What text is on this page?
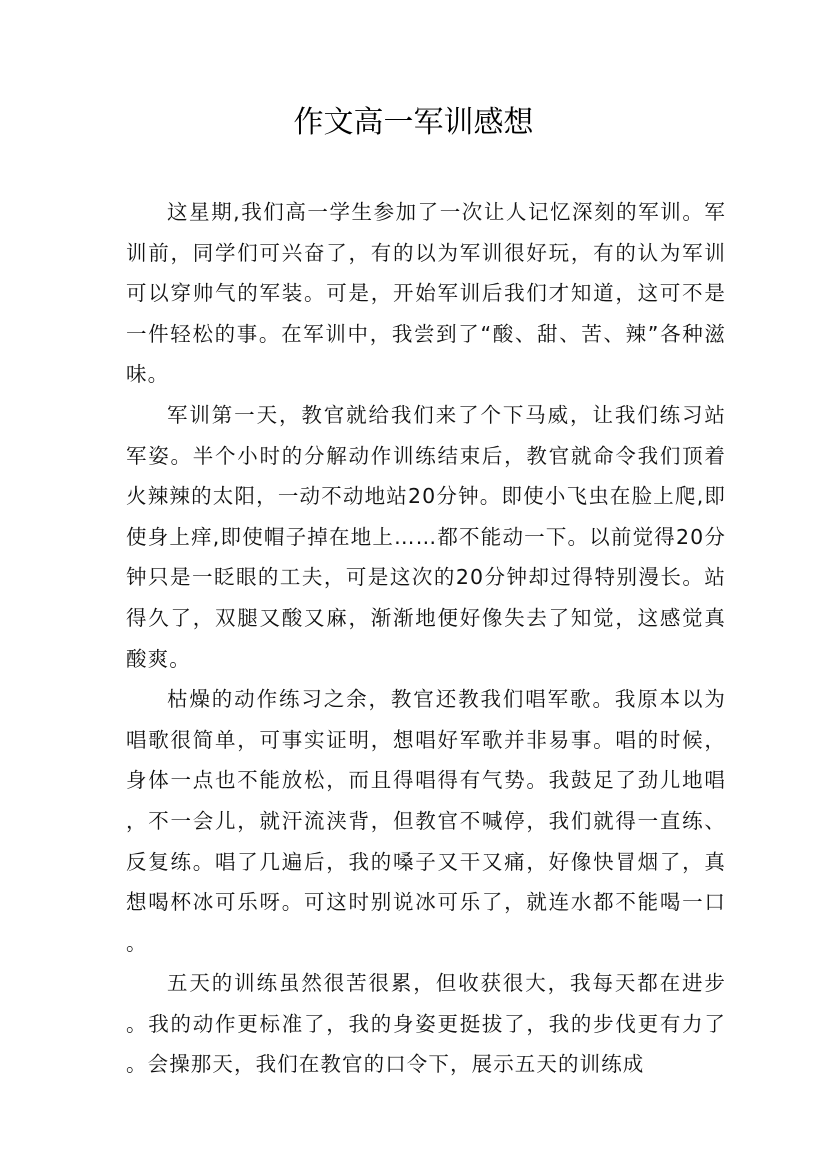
作文高一军训感想

这星期,我们高一学生参加了一次让人记忆深刻的军训。军训前，同学们可兴奋了，有的以为军训很好玩，有的认为军训可以穿帅气的军装。可是，开始军训后我们才知道，这可不是一件轻松的事。在军训中，我尝到了“酸、甜、苦、辣”各种滋味。

军训第一天，教官就给我们来了个下马威，让我们练习站军姿。半个小时的分解动作训练结束后，教官就命令我们顶着火辣辣的太阳，一动不动地站20分钟。即使小飞虫在脸上爬,即使身上痒,即使帽子掉在地上……都不能动一下。以前觉得20分钟只是一眨眼的工夫，可是这次的20分钟却过得特别漫长。站得久了，双腿又酸又麻，渐渐地便好像失去了知觉，这感觉真酸爽。

枯燥的动作练习之余，教官还教我们唱军歌。我原本以为唱歌很简单，可事实证明，想唱好军歌并非易事。唱的时候，身体一点也不能放松，而且得唱得有气势。我鼓足了劲儿地唱，不一会儿，就汗流浃背，但教官不喊停，我们就得一直练、反复练。唱了几遍后，我的嗓子又干又痛，好像快冒烟了，真想喝杯冰可乐呀。可这时别说冰可乐了，就连水都不能喝一口。

五天的训练虽然很苦很累，但收获很大，我每天都在进步。我的动作更标准了，我的身姿更挺拔了，我的步伐更有力了。会操那天，我们在教官的口令下，展示五天的训练成
